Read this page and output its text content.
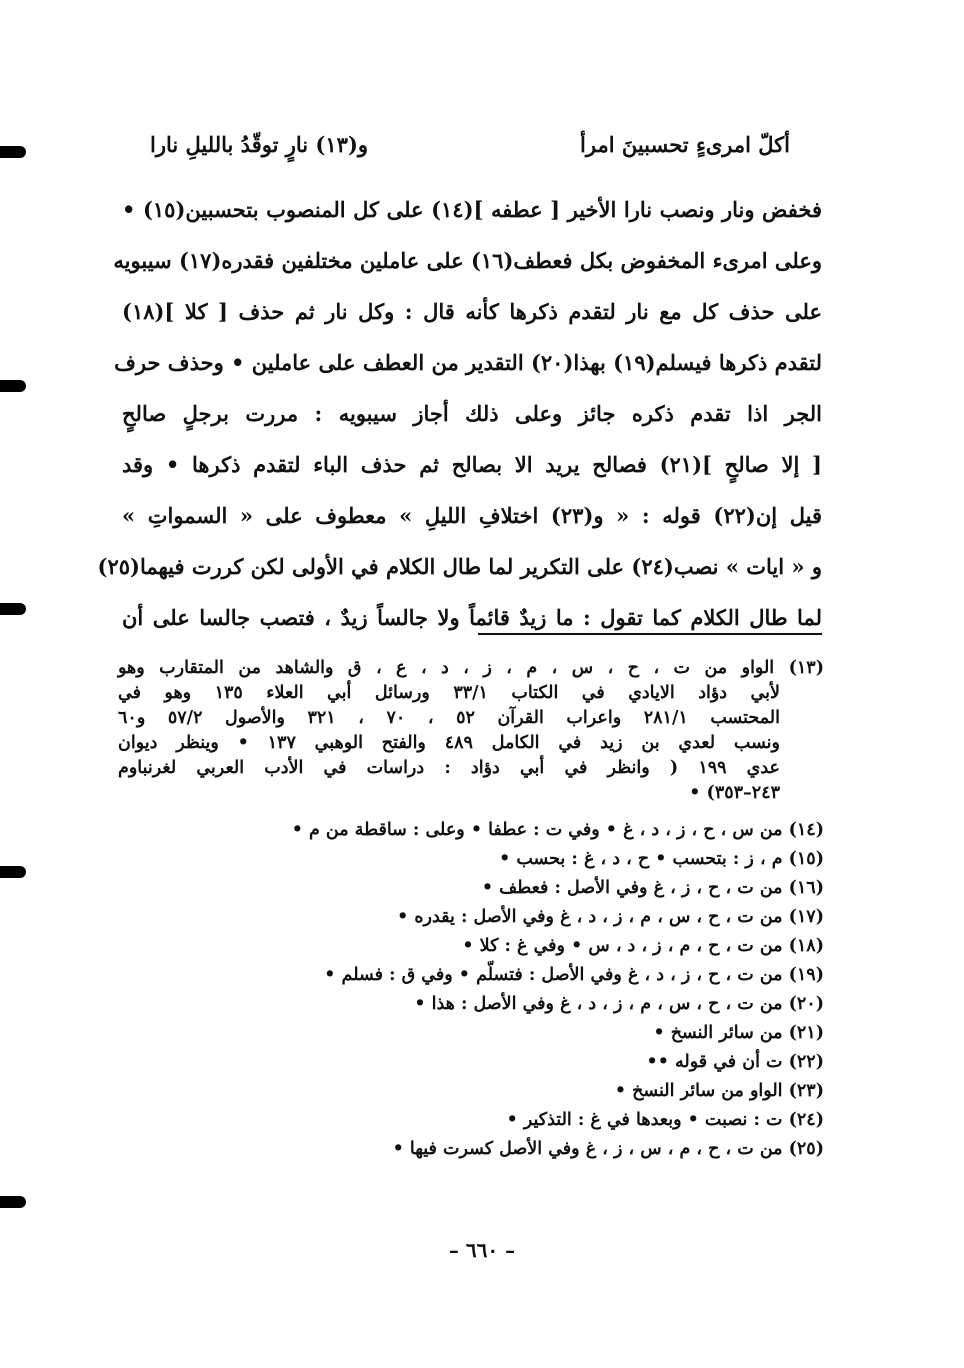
أكلّ امرىءٍ تحسبينَ امرأ
و(١٣) نارٍ توقّدُ بالليلِ نارا
فخفض ونار ونصب نارا الأخير [ عطفه ](١٤) على كل المنصوب بتحسبين(١٥) •
وعلى امرىء المخفوض بكل فعطف(١٦) على عاملين مختلفين فقدره(١٧) سيبويه
على حذف كل مع نار لتقدم ذكرها كأنه قال : وكل نار ثم حذف [ كلا ](١٨)
لتقدم ذكرها فيسلم(١٩) بهذا(٢٠) التقدير من العطف على عاملين • وحذف حرف
الجر اذا تقدم ذكره جائز وعلى ذلك أجاز سيبويه : مررت برجلٍ صالحٍ
[ إلا صالحٍ ](٢١) فصالح يريد الا بصالح ثم حذف الباء لتقدم ذكرها • وقد
قيل إن(٢٢) قوله : « و(٢٣) اختلافِ الليلِ » معطوف على « السمواتِ »
و « ايات » نصب(٢٤) على التكرير لما طال الكلام في الأولى لكن كررت فيهما(٢٥)
لما طال الكلام كما تقول : ما زيدٌ قائماً ولا جالساً زيدٌ ، فتصب جالسا على أن
(١٣) الواو من ت ، ح ، س ، م ، ز ، د ، ع ، ق والشاهد من المتقارب وهو
لأبي دؤاد الايادي في الكتاب ٣٣/١ ورسائل أبي العلاء ١٣٥ وهو في
المحتسب ٢٨١/١ واعراب القرآن ٥٢ ، ٧٠ ، ٣٢١ والأصول ٥٧/٢ و٦٠
ونسب لعدي بن زيد في الكامل ٤٨٩ والفتح الوهبي ١٣٧ • وينظر ديوان
عدي ١٩٩ ( وانظر في أبي دؤاد : دراسات في الأدب العربي لغرنباوم
٢٤٣–٣٥٣) •
(١٤) من س ، ح ، ز ، د ، غ • وفي ت : عطفا • وعلى : ساقطة من م •
(١٥) م ، ز : بتحسب • ح ، د ، غ : بحسب •
(١٦) من ت ، ح ، ز ، غ وفي الأصل : فعطف •
(١٧) من ت ، ح ، س ، م ، ز ، د ، غ وفي الأصل : يقدره •
(١٨) من ت ، ح ، م ، ز ، د ، س • وفي غ : كلا •
(١٩) من ت ، ح ، ز ، د ، غ وفي الأصل : فتسلّم • وفي ق : فسلم •
(٢٠) من ت ، ح ، س ، م ، ز ، د ، غ وفي الأصل : هذا •
(٢١) من سائر النسخ •
(٢٢) ت أن في قوله ••
(٢٣) الواو من سائر النسخ •
(٢٤) ت : نصبت • وبعدها في غ : التذكير •
(٢٥) من ت ، ح ، م ، س ، ز ، غ وفي الأصل كسرت فيها •
– ٦٦٠ –
